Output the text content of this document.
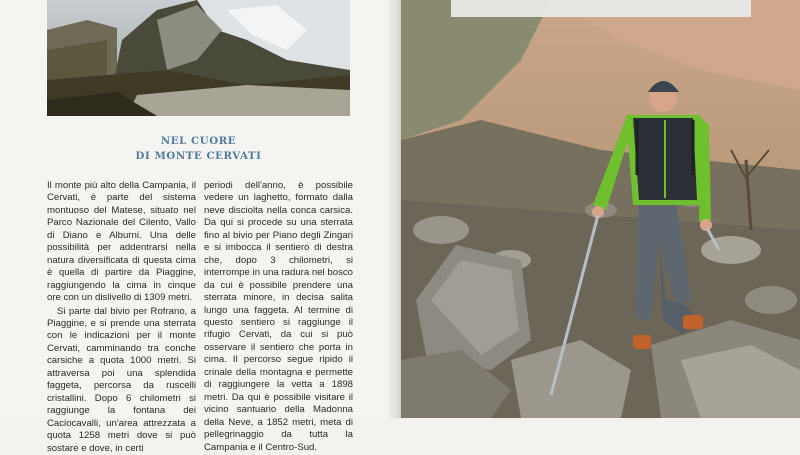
NEL CUORE
DI MONTE CERVATI

Il monte più alto della Campania, il Cervati, è parte del sistema montuoso del Matese, situato nel Parco Nazionale del Cilento, Vallo di Diano e Alburni. Una delle possibilità per addentrarsi nella natura diversificata di questa cima è quella di partire da Piaggine, raggiungendo la cima in cinque ore con un dislivello di 1309 metri.

Si parte dal bivio per Rofrano, a Piaggine, e si prende una sterrata con le indicazioni per il monte Cervati, camminando tra conche carsiche a quota 1000 metri. Si attraversa poi una splendida faggeta, percorsa da ruscelli cristallini. Dopo 6 chilometri si raggiunge la fontana dei Caciocavalli, un'area attrezzata a quota 1258 metri dove si può sostare e dove, in certi

periodi dell'anno, è possibile vedere un laghetto, formato dalla neve disciolta nella conca carsica. Da qui si procede su una sterrata fino al bivio per Piano degli Zingari e si imbocca il sentiero di destra che, dopo 3 chilometri, si interrompe in una radura nel bosco da cui è possibile prendere una sterrata minore, in decisa salita lungo una faggeta. Al termine di questo sentiero si raggiunge il rifugio Cervati, da cui si può osservare il sentiero che porta in cima. Il percorso segue ripido il crinale della montagna e permette di raggiungere la vetta a 1898 metri. Da qui è possibile visitare il vicino santuario della Madonna della Neve, a 1852 metri, meta di pellegrinaggio da tutta la Campania e il Centro-Sud.
